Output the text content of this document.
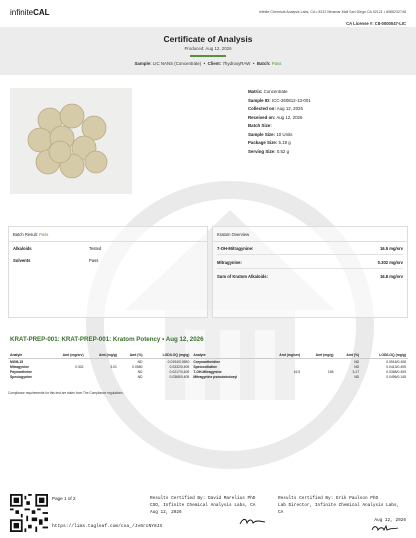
infiniteCAL	Infinite Chemical Analysis Labs, CA • 8312 Miramar Mall San Diego CA 92121 • 8586232748
CA License #: C8-0000047-LIC
Certificate of Analysis
Produced: Aug 12, 2026
Sample: LIC NANS (Concentrate)  •  Client: 7hydroxyRAW  •  Batch: Pass
Matrix: Concentrate
Sample ID: ICC-260812-13-001
Collected on: Aug 12, 2026
Received on: Aug 12, 2026
Batch Size:
Sample Size: 10 Units
Package Size: 5.19 g
Serving Size: 0.52 g
Batch Result: Pass
Alkaloids	Tested
Solvents	Pass
Kratom Overview
7-OH-Mitragynine:	16.5 mg/srv
Mitragynine:	0.302 mg/srv
Sum of Kratom Alkaloids:	16.8 mg/srv
KRAT-PREP-001: KRAT-PREP-001: Kratom Potency • Aug 12, 2026
Analyte	Amt (mg/srv)	Amt (mg/g)	Amt (%)	LOD/LOQ (mg/g)	Analyte	Amt (mg/srv)	Amt (mg/g)	Amt (%)	LOD/LOQ (mg/g)
MGM-15			ND	0.0194/0.0580	Corynantheidine			ND	0.0516/0.408
Mitragynine	0.302	3.01	0.0580	0.0332/0.405	Speciociliatine			ND	0.0413/0.405
Paynantheine			ND	0.0217/0.405	7-OH-Mitragynine	16.5	165	3.17	0.0368/0.405
Speciogynine			ND	0.0368/0.405	Mitragynine pseudoindoxyl			ND	0.0496/0.145
Compliance requirements for this test are taken from The Compliance regulations.
Page 1 of 2
https://lims.tagleaf.com/coa_/Jv6rcNY8JX
Results Certified By: David Marelius PhD
CSO, Infinite Chemical Analysis Labs, CA
Aug 12, 2026
Results Certified By: Erik Paulson PhD
Lab Director, Infinite Chemical Analysis Labs, CA
Aug 12, 2026
